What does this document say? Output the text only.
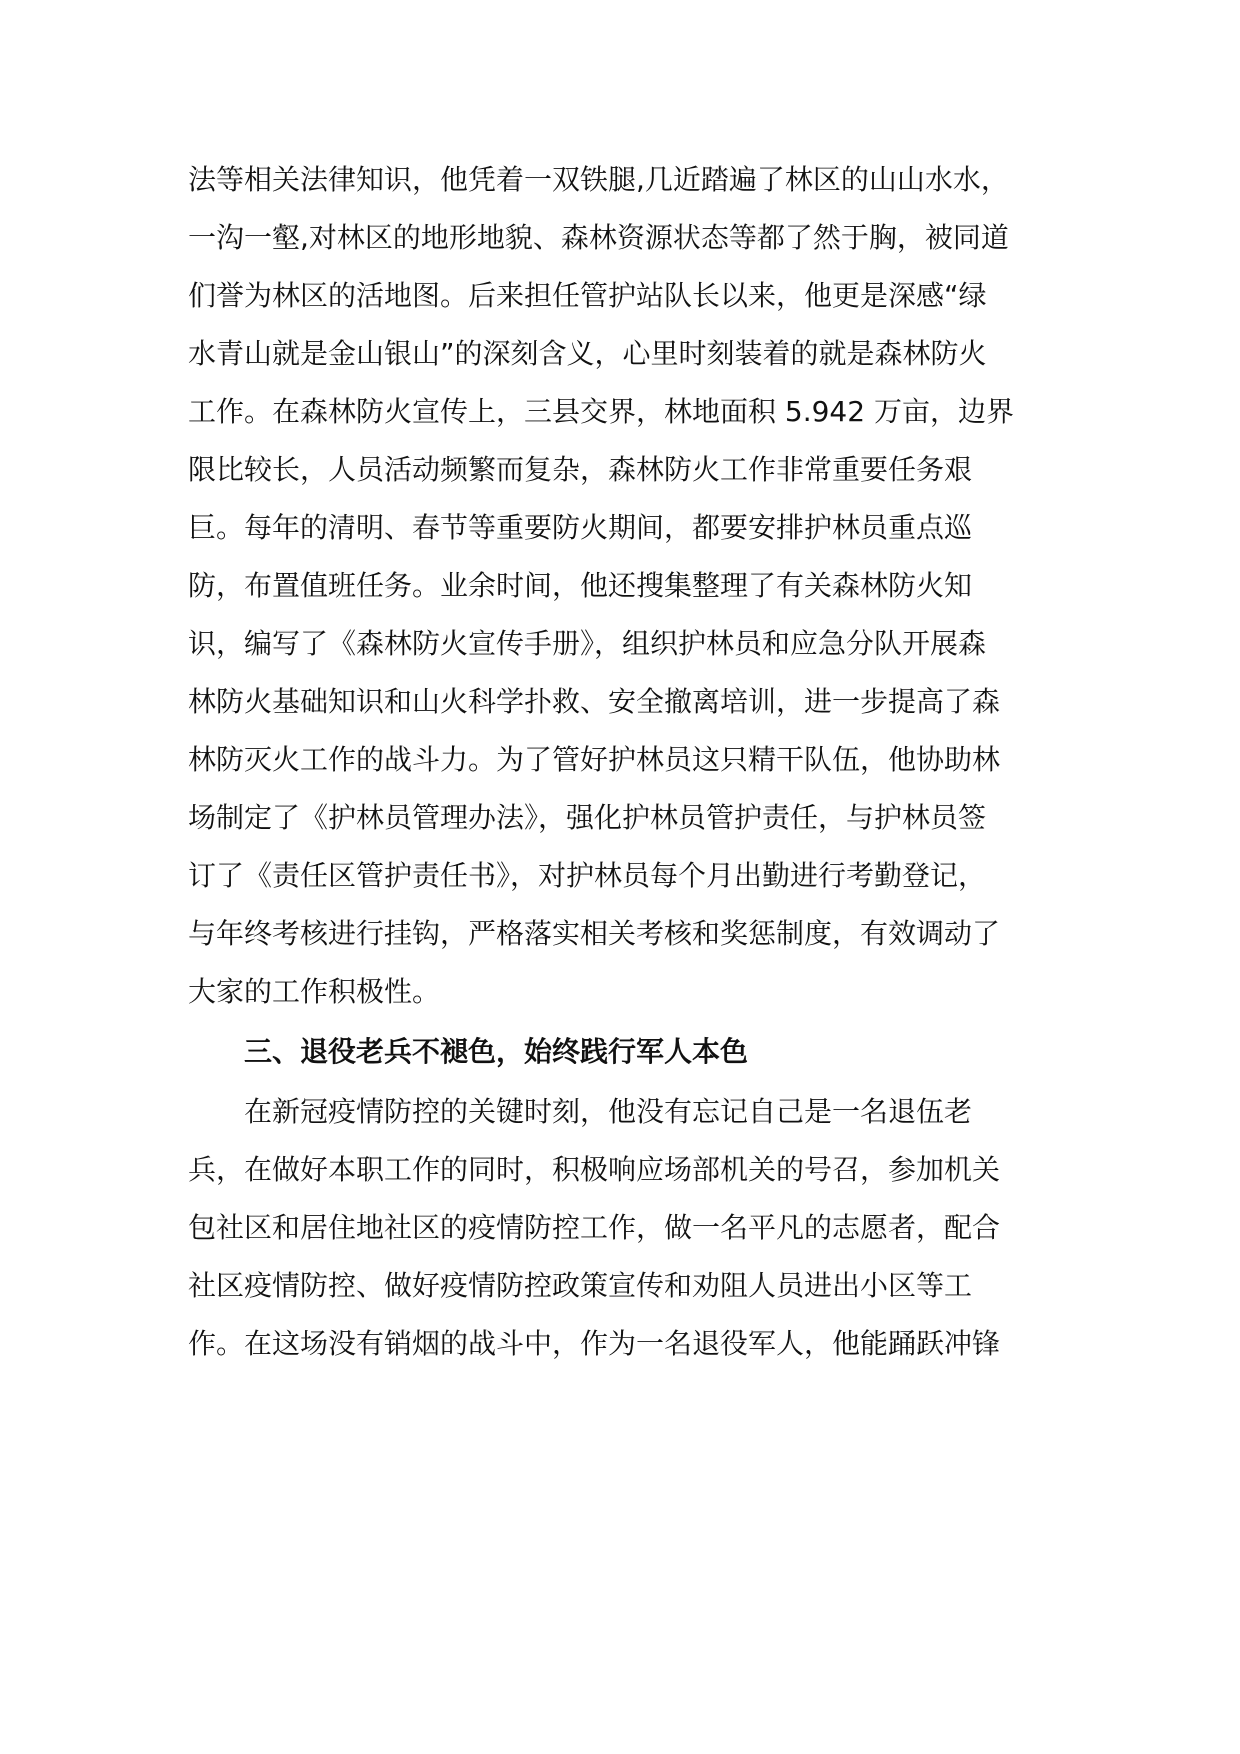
法等相关法律知识，他凭着一双铁腿,几近踏遍了林区的山山水水，
一沟一壑,对林区的地形地貌、森林资源状态等都了然于胸，被同道
们誉为林区的活地图。后来担任管护站队长以来，他更是深感“绿
水青山就是金山银山”的深刻含义，心里时刻装着的就是森林防火
工作。在森林防火宣传上，三县交界，林地面积 5.942 万亩，边界
限比较长，人员活动频繁而复杂，森林防火工作非常重要任务艰
巨。每年的清明、春节等重要防火期间，都要安排护林员重点巡
防，布置值班任务。业余时间，他还搜集整理了有关森林防火知
识，编写了《森林防火宣传手册》，组织护林员和应急分队开展森
林防火基础知识和山火科学扑救、安全撤离培训，进一步提高了森
林防灭火工作的战斗力。为了管好护林员这只精干队伍，他协助林
场制定了《护林员管理办法》，强化护林员管护责任，与护林员签
订了《责任区管护责任书》，对护林员每个月出勤进行考勤登记，
与年终考核进行挂钩，严格落实相关考核和奖惩制度，有效调动了
大家的工作积极性。
三、退役老兵不褪色，始终践行军人本色
在新冠疫情防控的关键时刻，他没有忘记自己是一名退伍老
兵，在做好本职工作的同时，积极响应场部机关的号召，参加机关
包社区和居住地社区的疫情防控工作，做一名平凡的志愿者，配合
社区疫情防控、做好疫情防控政策宣传和劝阻人员进出小区等工
作。在这场没有销烟的战斗中，作为一名退役军人，他能踊跃冲锋
